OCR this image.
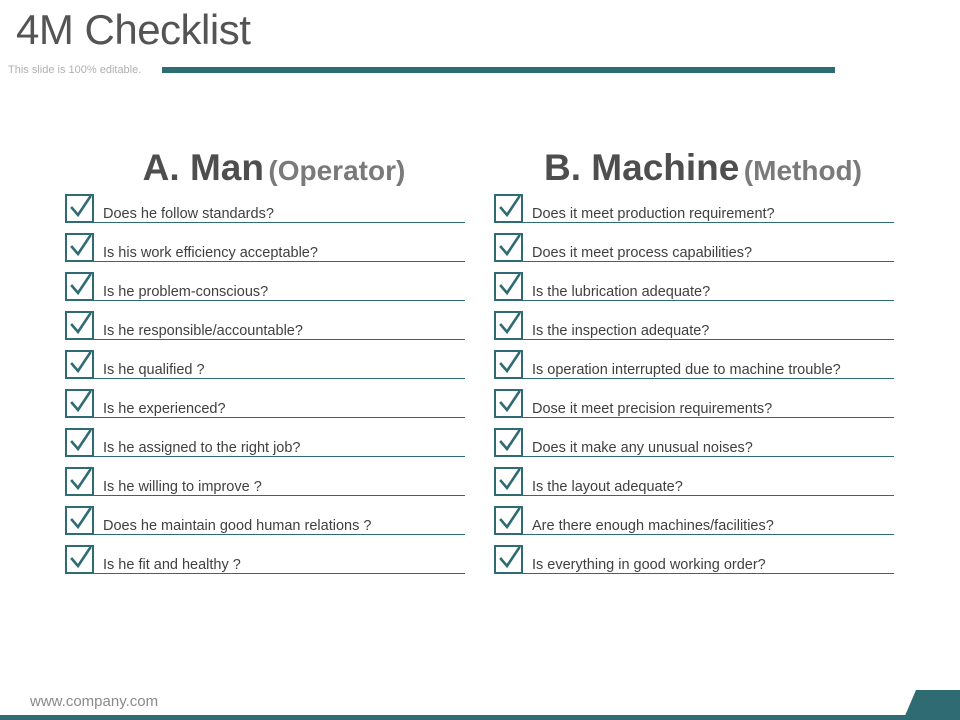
4M Checklist
This slide is 100% editable.
A. Man (Operator)
Does he follow standards?
Is his work efficiency acceptable?
Is he problem-conscious?
Is he responsible/accountable?
Is he qualified ?
Is he experienced?
Is he assigned to the right job?
Is he willing to improve ?
Does he maintain good human relations ?
Is he fit and healthy ?
B. Machine (Method)
Does it meet production requirement?
Does it meet process capabilities?
Is the lubrication adequate?
Is the inspection adequate?
Is operation interrupted due to machine trouble?
Dose it meet precision requirements?
Does it make any unusual noises?
Is the layout adequate?
Are there enough machines/facilities?
Is everything in good working order?
www.company.com
